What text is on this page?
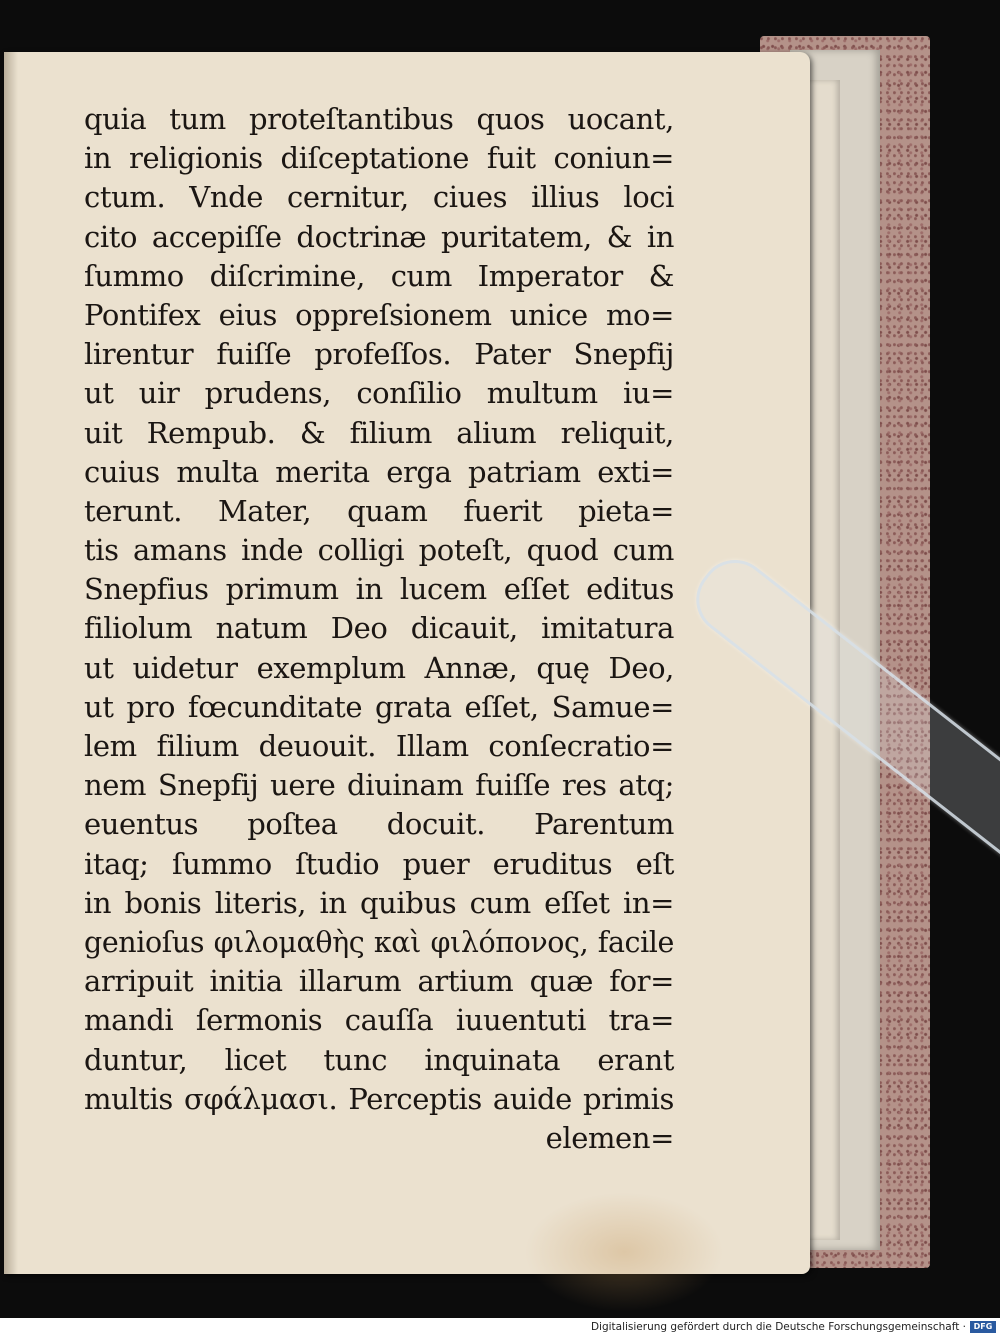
quia tum proteſtantibus quos uocant,
in religionis diſceptatione fuit coniun=
ctum. Vnde cernitur, ciues illius loci
cito accepiſſe doctrinæ puritatem, & in
ſummo diſcrimine, cum Imperator &
Pontifex eius oppreſsionem unice mo=
lirentur fuiſſe profeſſos. Pater Snepfij
ut uir prudens, conſilio multum iu=
uit Rempub. & filium alium reliquit,
cuius multa merita erga patriam exti=
terunt. Mater, quam fuerit pieta=
tis amans inde colligi poteſt, quod cum
Snepfius primum in lucem eſſet editus
filiolum natum Deo dicauit, imitatura
ut uidetur exemplum Annæ, quę Deo,
ut pro fœcunditate grata eſſet, Samue=
lem filium deuouit. Illam conſecratio=
nem Snepfij uere diuinam fuiſſe res atq;
euentus poſtea docuit. Parentum
itaq; ſummo ſtudio puer eruditus eſt
in bonis literis, in quibus cum eſſet in=
genioſus φιλομαθὴς καὶ φιλόπονος, facile
arripuit initia illarum artium quæ for=
mandi ſermonis cauſſa iuuentuti tra=
duntur, licet tunc inquinata erant
multis σφάλμασι. Perceptis auide primis
elemen=
Digitalisierung gefördert durch die Deutsche Forschungsgemeinschaft · DFG
